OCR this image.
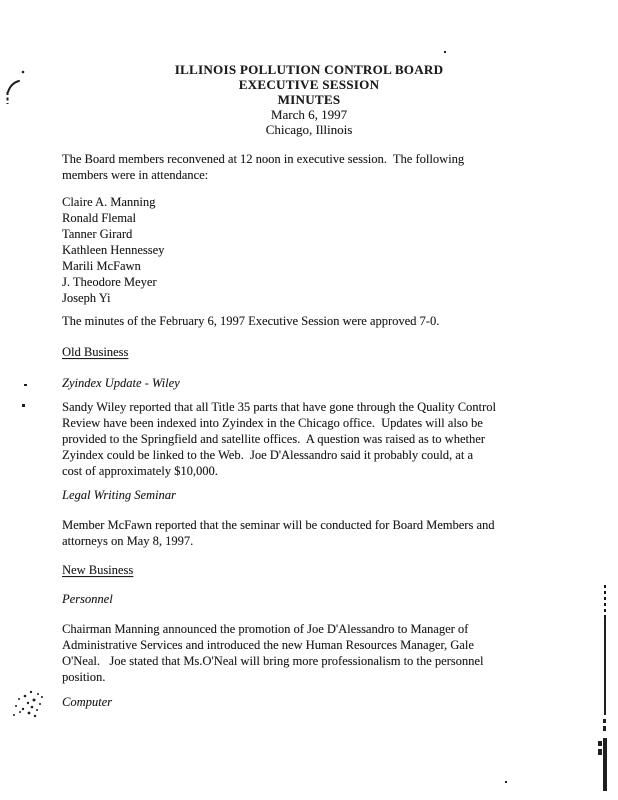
ILLINOIS POLLUTION CONTROL BOARD
EXECUTIVE SESSION
MINUTES
March 6, 1997
Chicago, Illinois
The Board members reconvened at 12 noon in executive session.  The following
members were in attendance:
Claire A. Manning
Ronald Flemal
Tanner Girard
Kathleen Hennessey
Marili McFawn
J. Theodore Meyer
Joseph Yi
The minutes of the February 6, 1997 Executive Session were approved 7-0.
Old Business
Zyindex Update - Wiley
Sandy Wiley reported that all Title 35 parts that have gone through the Quality Control
Review have been indexed into Zyindex in the Chicago office.  Updates will also be
provided to the Springfield and satellite offices.  A question was raised as to whether
Zyindex could be linked to the Web.  Joe D'Alessandro said it probably could, at a
cost of approximately $10,000.
Legal Writing Seminar
Member McFawn reported that the seminar will be conducted for Board Members and
attorneys on May 8, 1997.
New Business
Personnel
Chairman Manning announced the promotion of Joe D'Alessandro to Manager of
Administrative Services and introduced the new Human Resources Manager, Gale
O'Neal.   Joe stated that Ms.O'Neal will bring more professionalism to the personnel
position.
Computer
